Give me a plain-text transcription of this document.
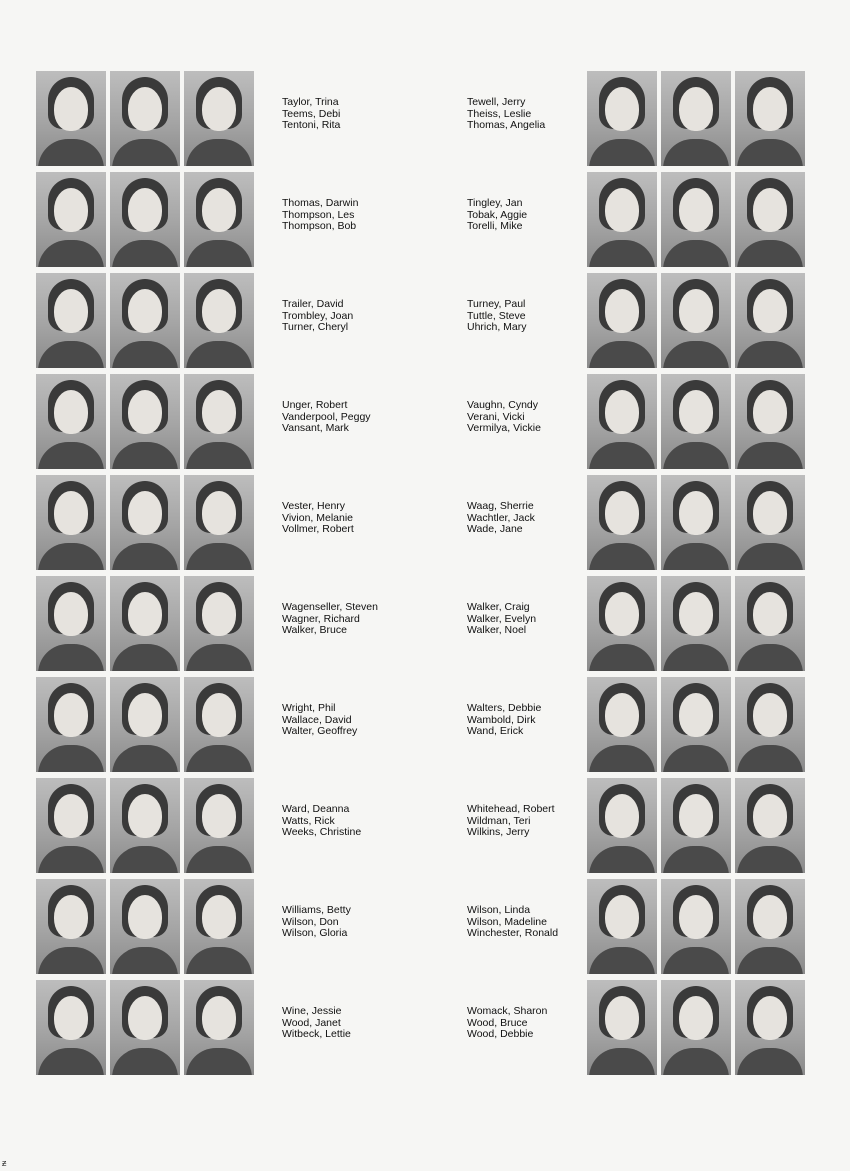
Taylor, Trina
Teems, Debi
Tentoni, Rita
Tewell, Jerry
Theiss, Leslie
Thomas, Angelia
Thomas, Darwin
Thompson, Les
Thompson, Bob
Tingley, Jan
Tobak, Aggie
Torelli, Mike
Trailer, David
Trombley, Joan
Turner, Cheryl
Turney, Paul
Tuttle, Steve
Uhrich, Mary
Unger, Robert
Vanderpool, Peggy
Vansant, Mark
Vaughn, Cyndy
Verani, Vicki
Vermilya, Vickie
Vester, Henry
Vivion, Melanie
Vollmer, Robert
Waag, Sherrie
Wachtler, Jack
Wade, Jane
Wagenseller, Steven
Wagner, Richard
Walker, Bruce
Walker, Craig
Walker, Evelyn
Walker, Noel
Wright, Phil
Wallace, David
Walter, Geoffrey
Walters, Debbie
Wambold, Dirk
Wand, Erick
Ward, Deanna
Watts, Rick
Weeks, Christine
Whitehead, Robert
Wildman, Teri
Wilkins, Jerry
Williams, Betty
Wilson, Don
Wilson, Gloria
Wilson, Linda
Wilson, Madeline
Winchester, Ronald
Wine, Jessie
Wood, Janet
Witbeck, Lettie
Womack, Sharon
Wood, Bruce
Wood, Debbie
ƶ
